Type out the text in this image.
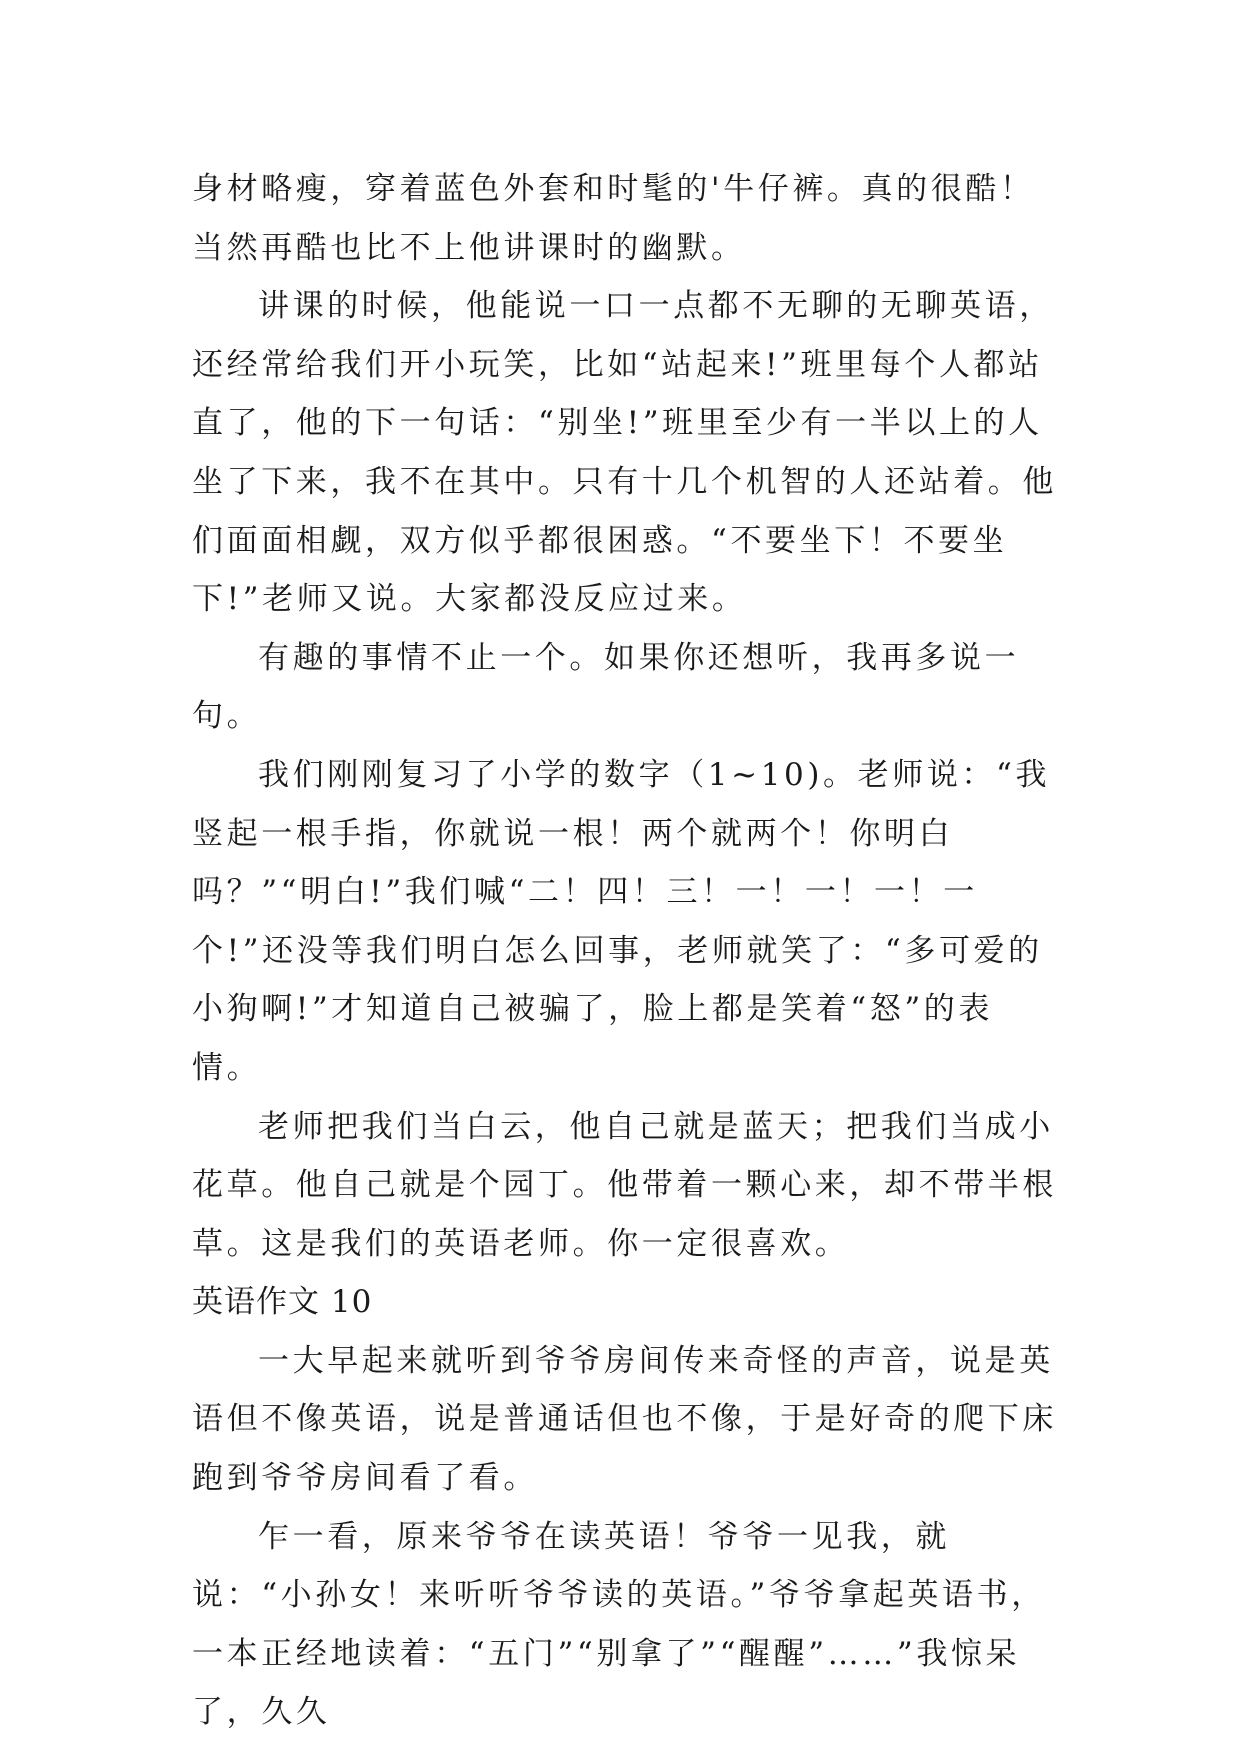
身材略瘦，穿着蓝色外套和时髦的'牛仔裤。真的很酷！当然再酷也比不上他讲课时的幽默。

讲课的时候，他能说一口一点都不无聊的无聊英语，还经常给我们开小玩笑，比如“站起来!”班里每个人都站直了，他的下一句话：“别坐!”班里至少有一半以上的人坐了下来，我不在其中。只有十几个机智的人还站着。他们面面相觑，双方似乎都很困惑。“不要坐下！不要坐下!”老师又说。大家都没反应过来。

有趣的事情不止一个。如果你还想听，我再多说一句。

我们刚刚复习了小学的数字（1~10)。老师说：“我竖起一根手指，你就说一根！两个就两个！你明白吗？”“明白!”我们喊“二！四！三！一！一！一！一个!”还没等我们明白怎么回事，老师就笑了：“多可爱的小狗啊!”才知道自己被骗了，脸上都是笑着“怒”的表情。

老师把我们当白云，他自己就是蓝天；把我们当成小花草。他自己就是个园丁。他带着一颗心来，却不带半根草。这是我们的英语老师。你一定很喜欢。

英语作文 10

一大早起来就听到爷爷房间传来奇怪的声音，说是英语但不像英语，说是普通话但也不像，于是好奇的爬下床跑到爷爷房间看了看。

乍一看，原来爷爷在读英语！爷爷一见我，就说：“小孙女！来听听爷爷读的英语。”爷爷拿起英语书，一本正经地读着：“五门”“别拿了”“醒醒”……”我惊呆了，久久
